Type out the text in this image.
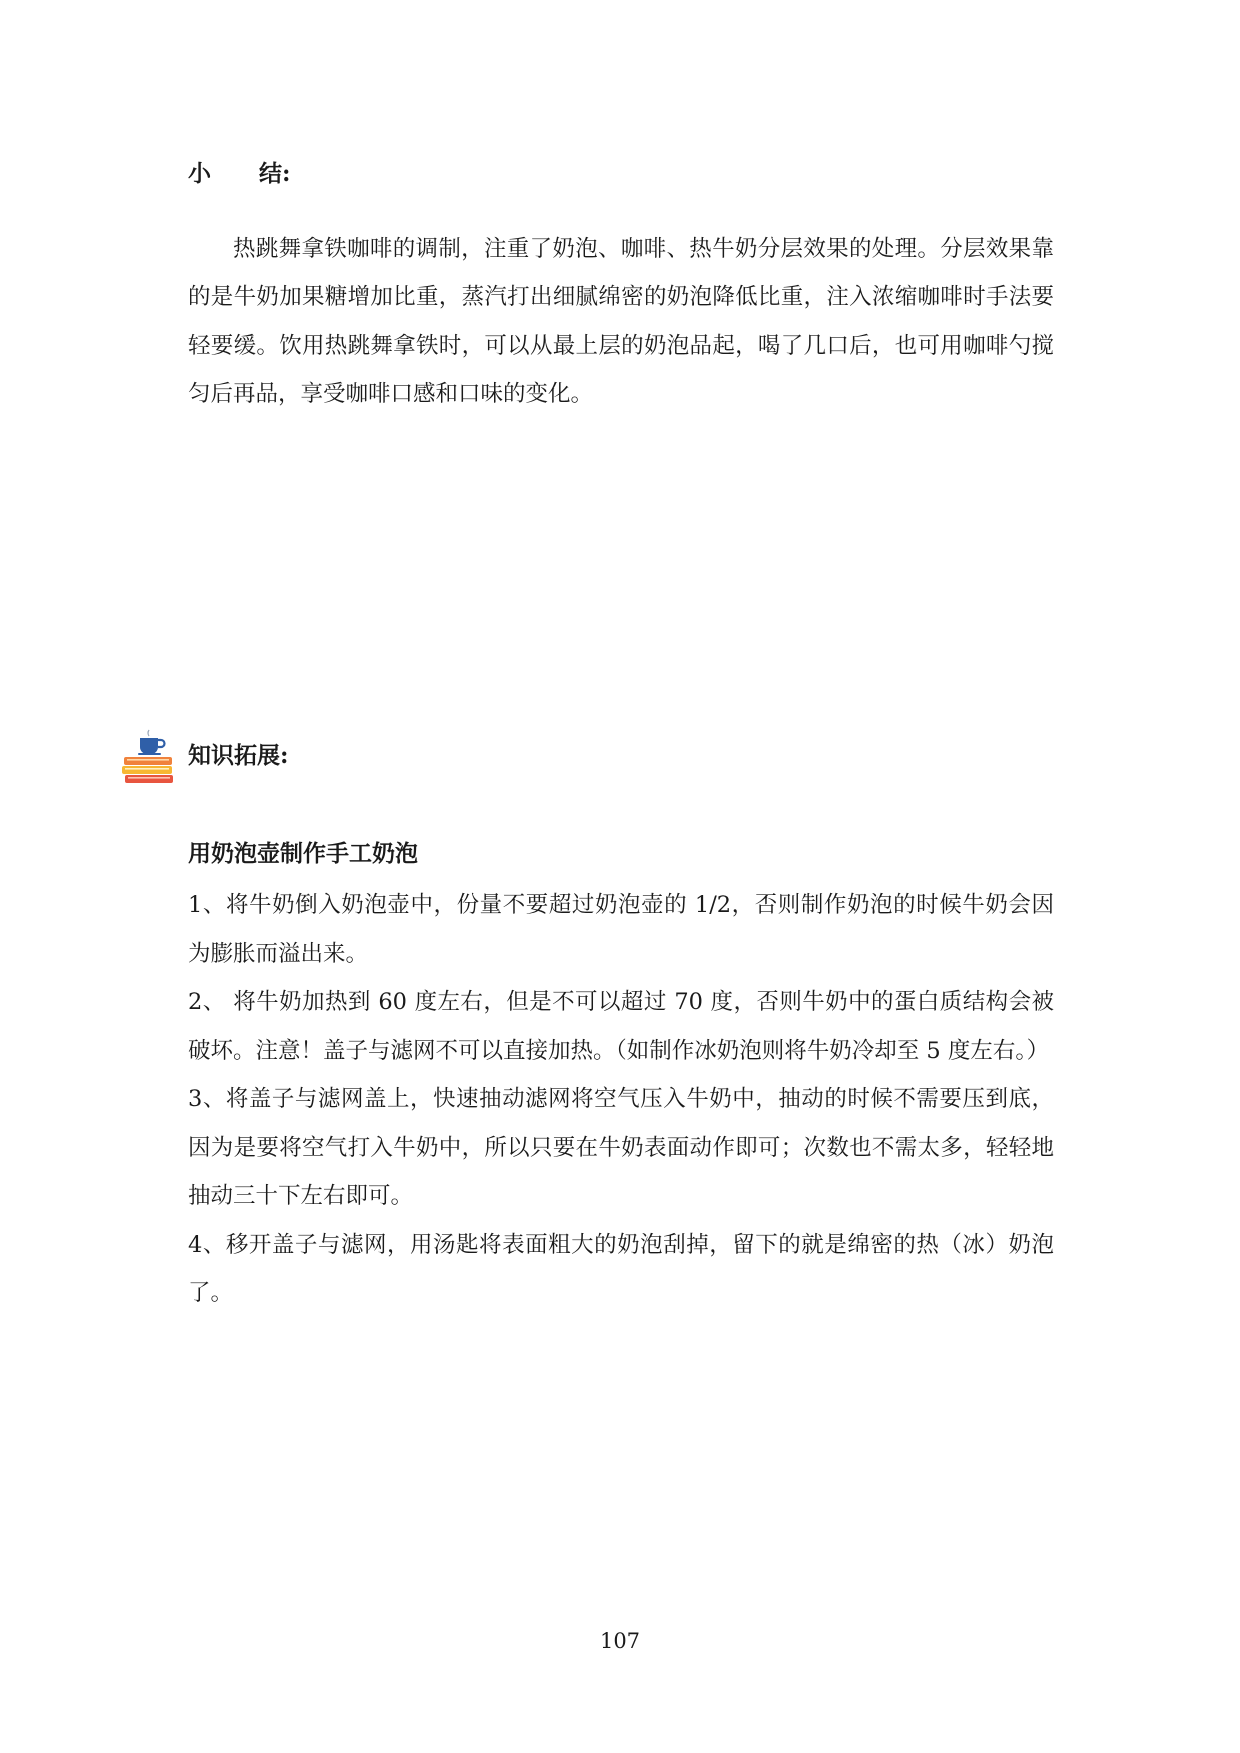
小 结:

热跳舞拿铁咖啡的调制，注重了奶泡、咖啡、热牛奶分层效果的处理。分层效果靠的是牛奶加果糖增加比重，蒸汽打出细腻绵密的奶泡降低比重，注入浓缩咖啡时手法要轻要缓。饮用热跳舞拿铁时，可以从最上层的奶泡品起，喝了几口后，也可用咖啡勺搅匀后再品，享受咖啡口感和口味的变化。

知识拓展:
用奶泡壶制作手工奶泡
1、将牛奶倒入奶泡壶中，份量不要超过奶泡壶的 1/2，否则制作奶泡的时候牛奶会因为膨胀而溢出来。
2、 将牛奶加热到 60 度左右，但是不可以超过 70 度，否则牛奶中的蛋白质结构会被破坏。注意！盖子与滤网不可以直接加热。（如制作冰奶泡则将牛奶冷却至 5 度左右。）
3、将盖子与滤网盖上，快速抽动滤网将空气压入牛奶中，抽动的时候不需要压到底，因为是要将空气打入牛奶中，所以只要在牛奶表面动作即可；次数也不需太多，轻轻地抽动三十下左右即可。
4、移开盖子与滤网，用汤匙将表面粗大的奶泡刮掉，留下的就是绵密的热（冰）奶泡了。
107
